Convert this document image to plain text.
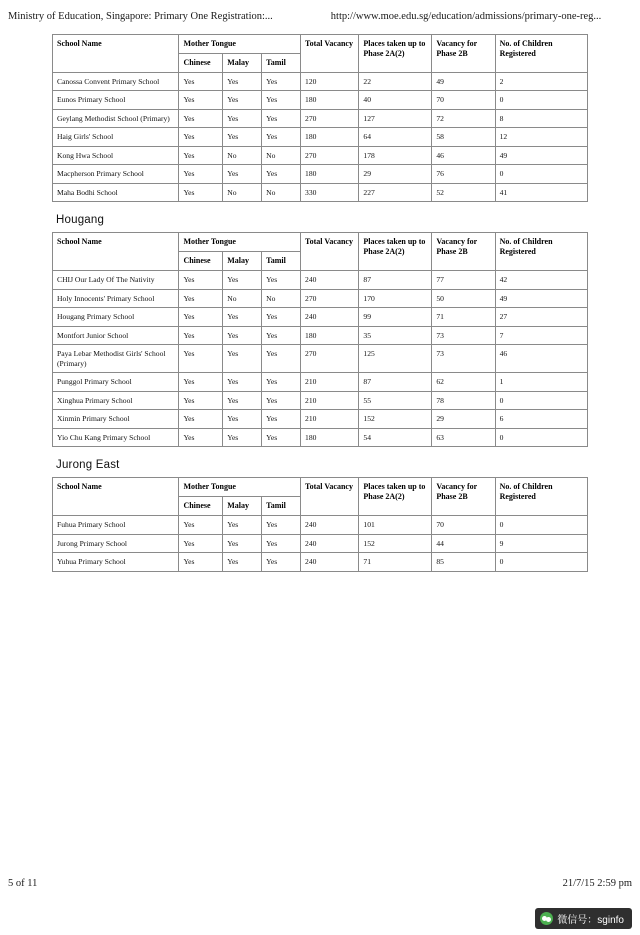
Ministry of Education, Singapore: Primary One Registration:...	http://www.moe.edu.sg/education/admissions/primary-one-reg...
School Name	Mother Tongue			Total Vacancy	Places taken up to Phase 2A(2)	Vacancy for Phase 2B	No. of Children Registered
	Chinese	Malay	Tamil				
Canossa Convent Primary School	Yes	Yes	Yes	120	22	49	2
Eunos Primary School	Yes	Yes	Yes	180	40	70	0
Geylang Methodist School (Primary)	Yes	Yes	Yes	270	127	72	8
Haig Girls' School	Yes	Yes	Yes	180	64	58	12
Kong Hwa School	Yes	No	No	270	178	46	49
Macpherson Primary School	Yes	Yes	Yes	180	29	76	0
Maha Bodhi School	Yes	No	No	330	227	52	41
Hougang
School Name	Mother Tongue			Total Vacancy	Places taken up to Phase 2A(2)	Vacancy for Phase 2B	No. of Children Registered
	Chinese	Malay	Tamil				
CHIJ Our Lady Of The Nativity	Yes	Yes	Yes	240	87	77	42
Holy Innocents' Primary School	Yes	No	No	270	170	50	49
Hougang Primary School	Yes	Yes	Yes	240	99	71	27
Montfort Junior School	Yes	Yes	Yes	180	35	73	7
Paya Lebar Methodist Girls' School (Primary)	Yes	Yes	Yes	270	125	73	46
Punggol Primary School	Yes	Yes	Yes	210	87	62	1
Xinghua Primary School	Yes	Yes	Yes	210	55	78	0
Xinmin Primary School	Yes	Yes	Yes	210	152	29	6
Yio Chu Kang Primary School	Yes	Yes	Yes	180	54	63	0
Jurong East
School Name	Mother Tongue			Total Vacancy	Places taken up to Phase 2A(2)	Vacancy for Phase 2B	No. of Children Registered
	Chinese	Malay	Tamil				
Fuhua Primary School	Yes	Yes	Yes	240	101	70	0
Jurong Primary School	Yes	Yes	Yes	240	152	44	9
Yuhua Primary School	Yes	Yes	Yes	240	71	85	0
5 of 11	21/7/15 2:59 pm
微信号：sginfo
